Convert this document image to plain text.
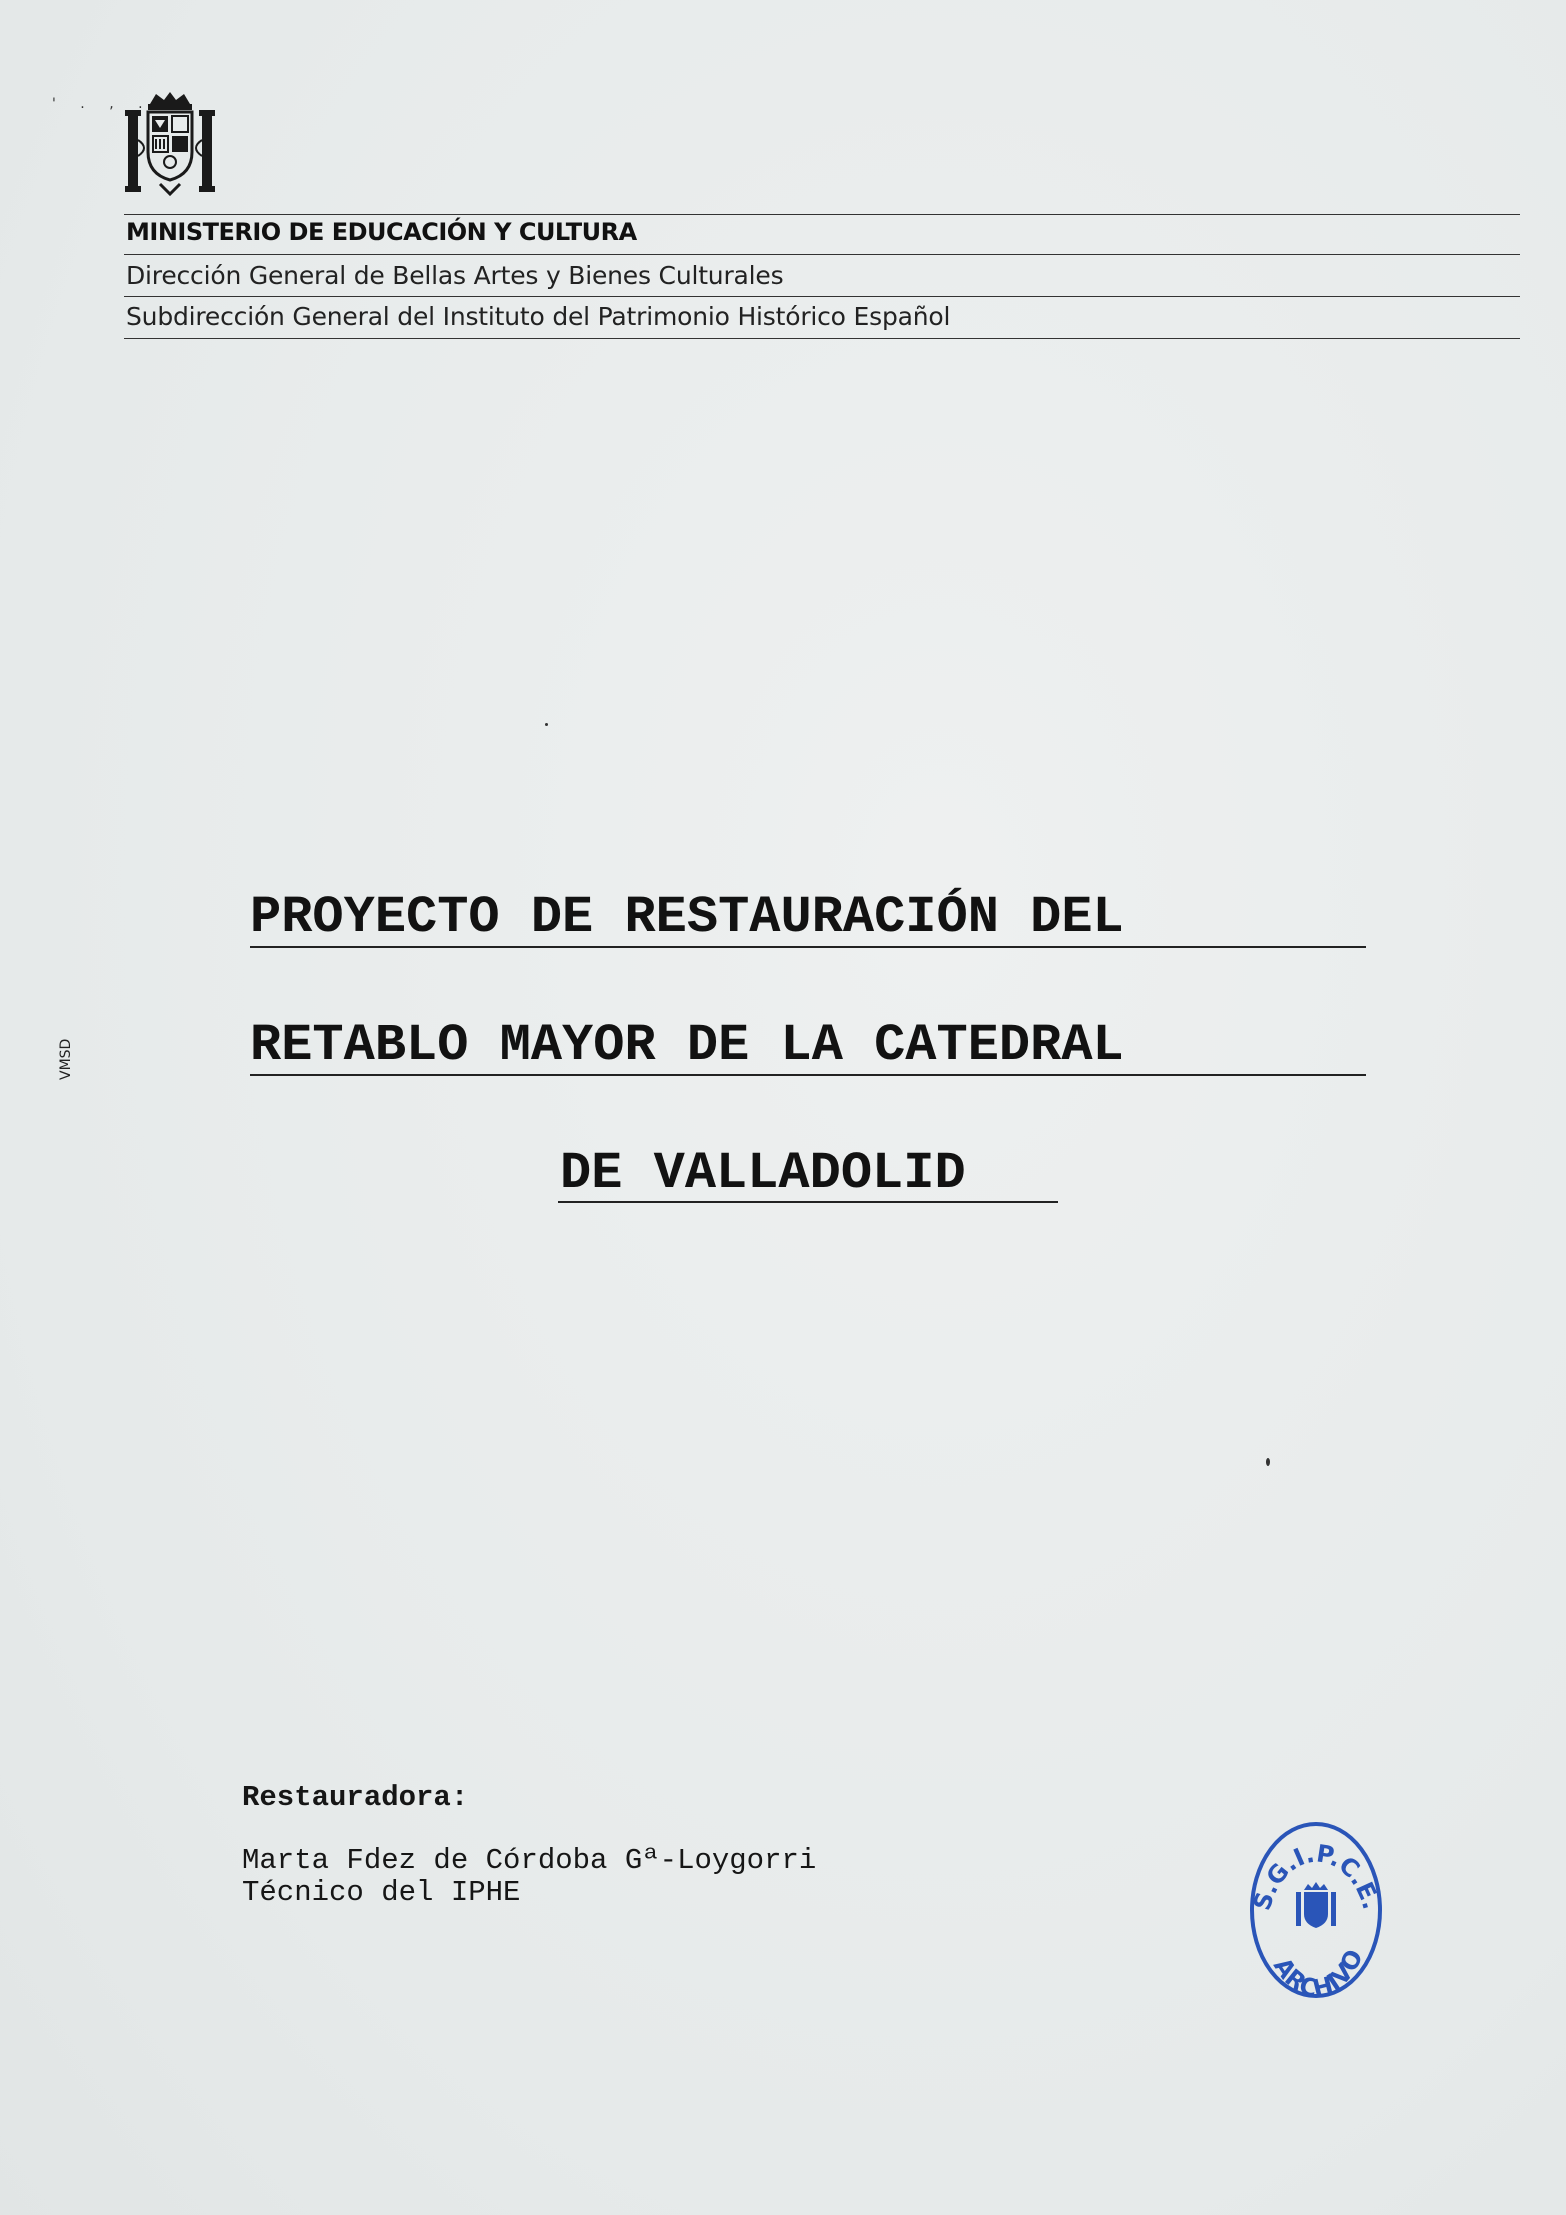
' . , .
MINISTERIO DE EDUCACIÓN Y CULTURA
Dirección General de Bellas Artes y Bienes Culturales
Subdirección General del Instituto del Patrimonio Histórico Español
VMSD
PROYECTO DE RESTAURACIÓN DEL
RETABLO MAYOR DE LA CATEDRAL
DE VALLADOLID
Restauradora:
Marta Fdez de Córdoba Gª-Loygorri
Técnico del IPHE	S.G.I.P.C.E.
ARCHIVO
